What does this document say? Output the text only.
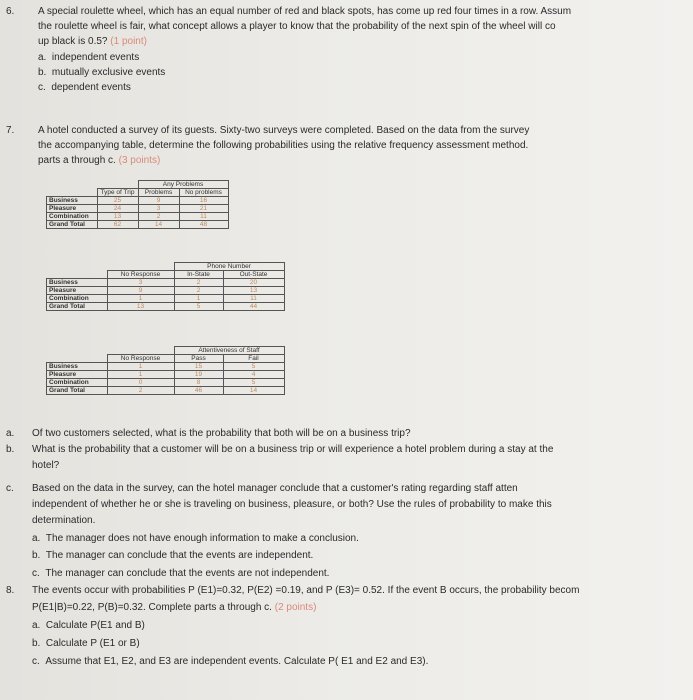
6. A special roulette wheel, which has an equal number of red and black spots, has come up red four times in a row. Assum
the roulette wheel is fair, what concept allows a player to know that the probability of the next spin of the wheel will co
up black is 0.5? (1 point)
a. independent events
b. mutually exclusive events
c. dependent events
7. A hotel conducted a survey of its guests. Sixty-two surveys were completed. Based on the data from the survey
the accompanying table, determine the following probabilities using the relative frequency assessment method.
parts a through c. (3 points)
		Any Problems	
	Type of Trip	Problems	No problems
Business	25	9	16
Pleasure	24	3	21
Combination	13	2	11
Grand Total	62	14	48
		Phone Number	
	No Response	In-State	Out-State
Business	3	2	20
Pleasure	9	2	13
Combination	1	1	11
Grand Total	13	5	44
		Attentiveness of Staff	
	No Response	Pass	Fail
Business	1	15	5
Pleasure	1	19	4
Combination	0	8	5
Grand Total	2	46	14
a. Of two customers selected, what is the probability that both will be on a business trip?
b. What is the probability that a customer will be on a business trip or will experience a hotel problem during a stay at the
hotel?
c. Based on the data in the survey, can the hotel manager conclude that a customer's rating regarding staff atten
independent of whether he or she is traveling on business, pleasure, or both? Use the rules of probability to make this
determination.
a. The manager does not have enough information to make a conclusion.
b. The manager can conclude that the events are independent.
c. The manager can conclude that the events are not independent.
8. The events occur with probabilities P (E1)=0.32, P(E2) =0.19, and P (E3)= 0.52. If the event B occurs, the probability becom
P(E1|B)=0.22, P(B)=0.32. Complete parts a through c. (2 points)
a. Calculate P(E1 and B)
b. Calculate P (E1 or B)
c. Assume that E1, E2, and E3 are independent events. Calculate P( E1 and E2 and E3).
